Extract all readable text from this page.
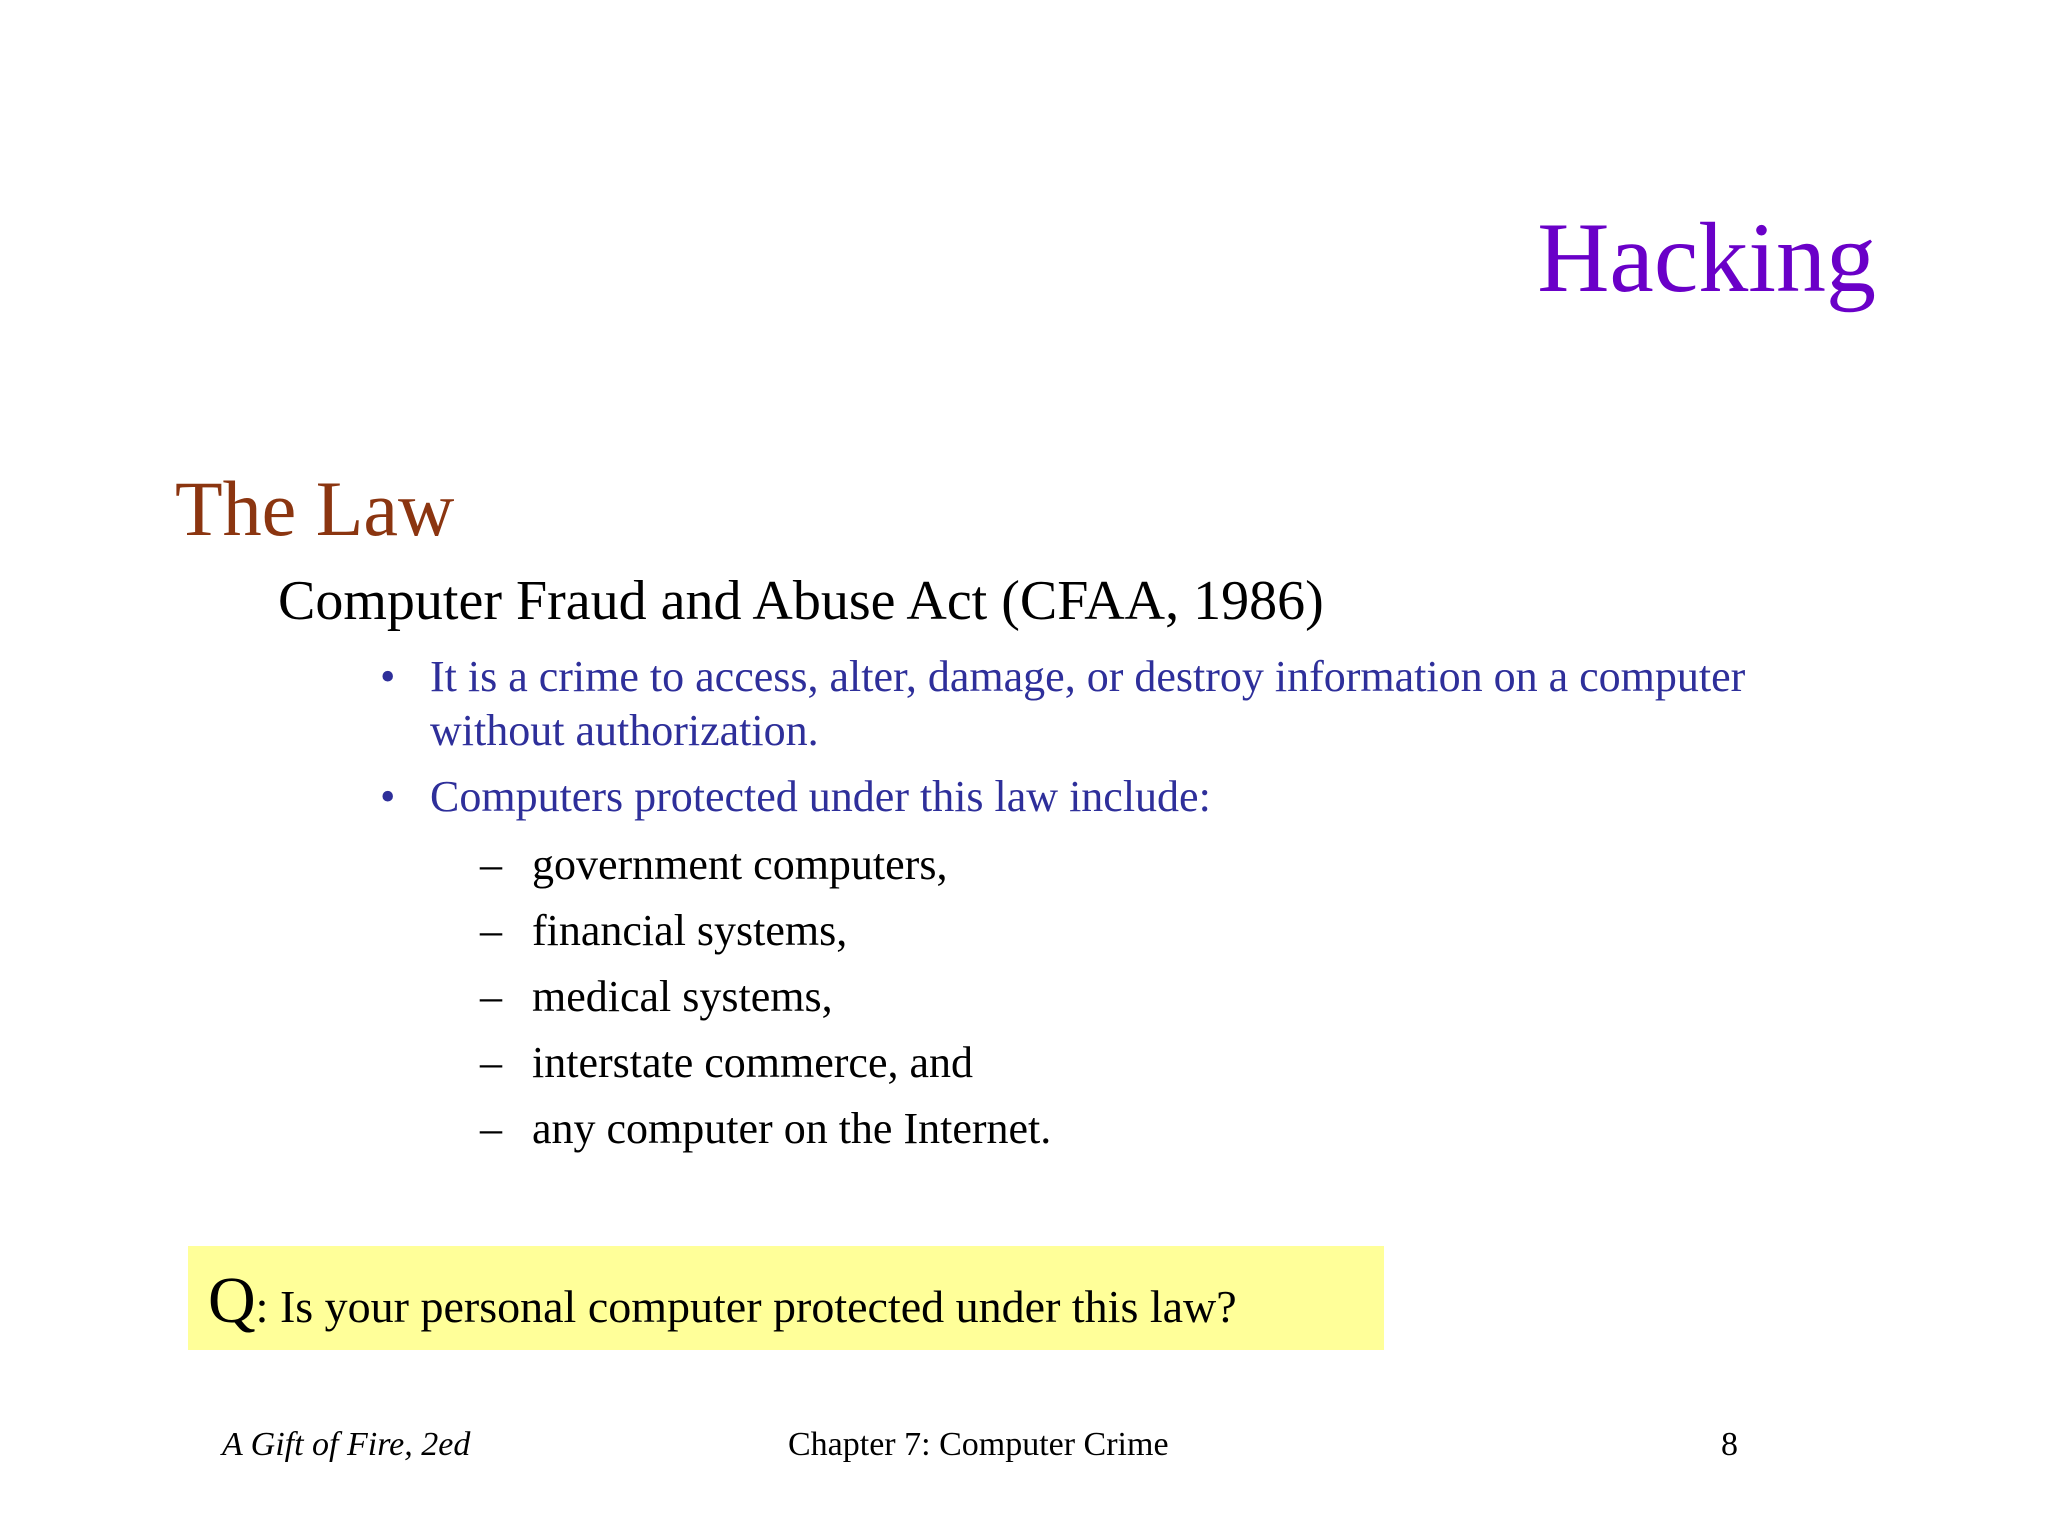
Hacking
The Law
Computer Fraud and Abuse Act (CFAA, 1986)
• It is a crime to access, alter, damage, or destroy information on a computer without authorization.
• Computers protected under this law include:
– government computers,
– financial systems,
– medical systems,
– interstate commerce, and
– any computer on the Internet.
Q: Is your personal computer protected under this law?
A Gift of Fire, 2ed	Chapter 7: Computer Crime	8
